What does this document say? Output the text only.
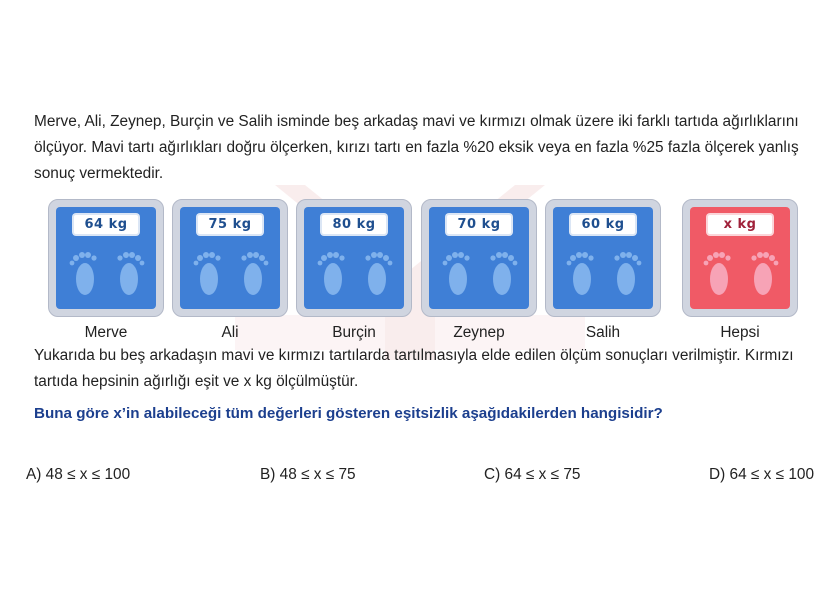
Merve, Ali, Zeynep, Burçin ve Salih isminde beş arkadaş mavi ve kırmızı olmak üzere iki farklı tartıda ağırlıklarını ölçüyor. Mavi tartı ağırlıkları doğru ölçerken, kırızı tartı en fazla %20 eksik veya en fazla %25 fazla ölçerek yanlış sonuç vermektedir.
64 kg	75 kg	80 kg	70 kg	60 kg	x kg
Merve	Ali	Burçin	Zeynep	Salih	Hepsi
Yukarıda bu beş arkadaşın mavi ve kırmızı tartılarda tartılmasıyla elde edilen ölçüm sonuçları verilmiştir. Kırmızı tartıda hepsinin ağırlığı eşit ve x kg ölçülmüştür.
Buna göre x’in alabileceği tüm değerleri gösteren eşitsizlik aşağıdakilerden hangisidir?
A) 48 ≤ x ≤ 100	B) 48 ≤ x ≤ 75	C) 64 ≤ x ≤ 75	D) 64 ≤ x ≤ 100
